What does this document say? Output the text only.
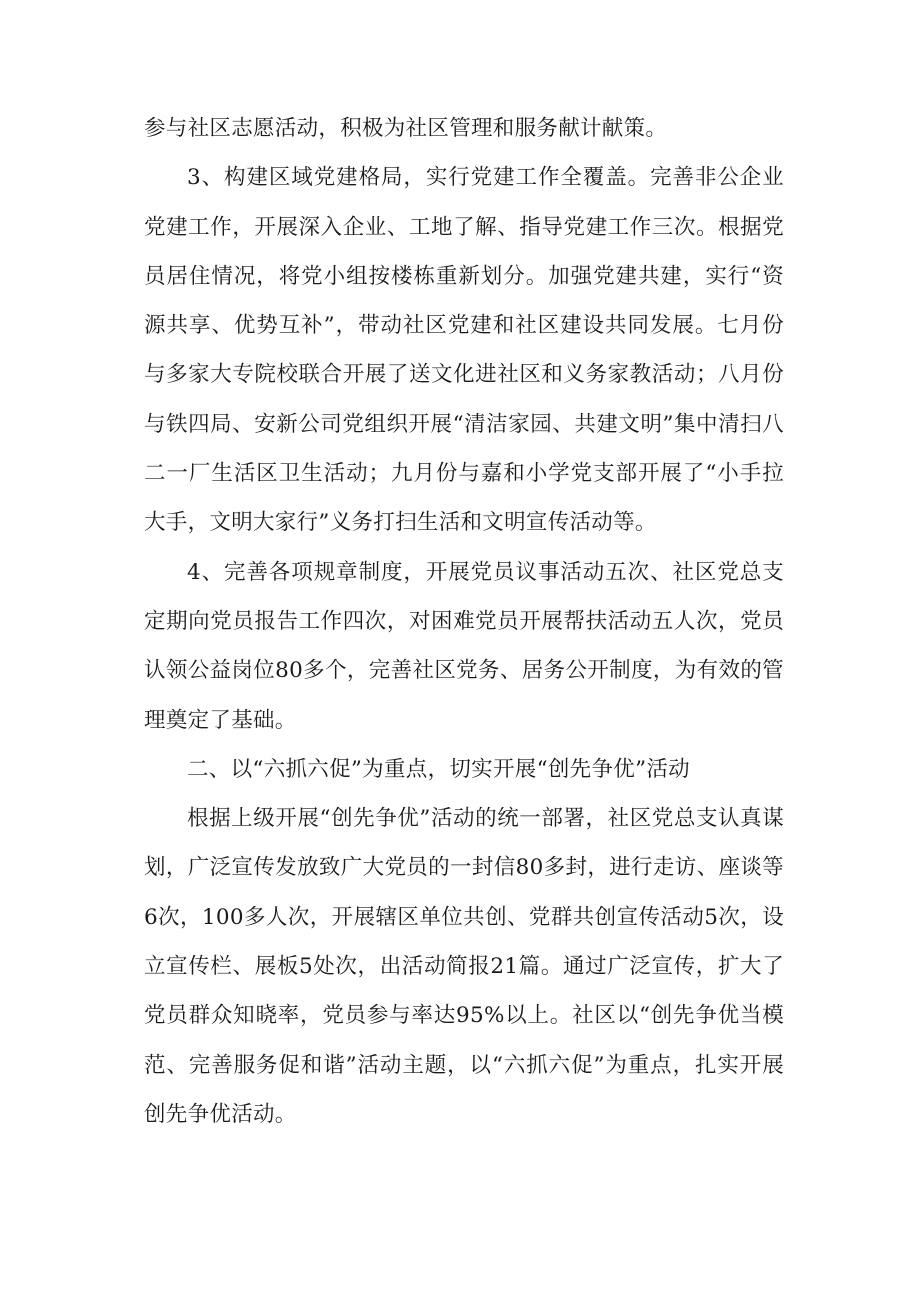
参与社区志愿活动，积极为社区管理和服务献计献策。

3、构建区域党建格局，实行党建工作全覆盖。完善非公企业党建工作，开展深入企业、工地了解、指导党建工作三次。根据党员居住情况，将党小组按楼栋重新划分。加强党建共建，实行“资源共享、优势互补”，带动社区党建和社区建设共同发展。七月份与多家大专院校联合开展了送文化进社区和义务家教活动；八月份与铁四局、安新公司党组织开展“清洁家园、共建文明”集中清扫八二一厂生活区卫生活动；九月份与嘉和小学党支部开展了“小手拉大手，文明大家行”义务打扫生活和文明宣传活动等。

4、完善各项规章制度，开展党员议事活动五次、社区党总支定期向党员报告工作四次，对困难党员开展帮扶活动五人次，党员认领公益岗位80多个，完善社区党务、居务公开制度，为有效的管理奠定了基础。

二、以“六抓六促”为重点，切实开展“创先争优”活动

根据上级开展“创先争优”活动的统一部署，社区党总支认真谋划，广泛宣传发放致广大党员的一封信80多封，进行走访、座谈等6次，100多人次，开展辖区单位共创、党群共创宣传活动5次，设立宣传栏、展板5处次，出活动简报21篇。通过广泛宣传，扩大了党员群众知晓率，党员参与率达95%以上。社区以“创先争优当模范、完善服务促和谐”活动主题，以“六抓六促”为重点，扎实开展创先争优活动。
